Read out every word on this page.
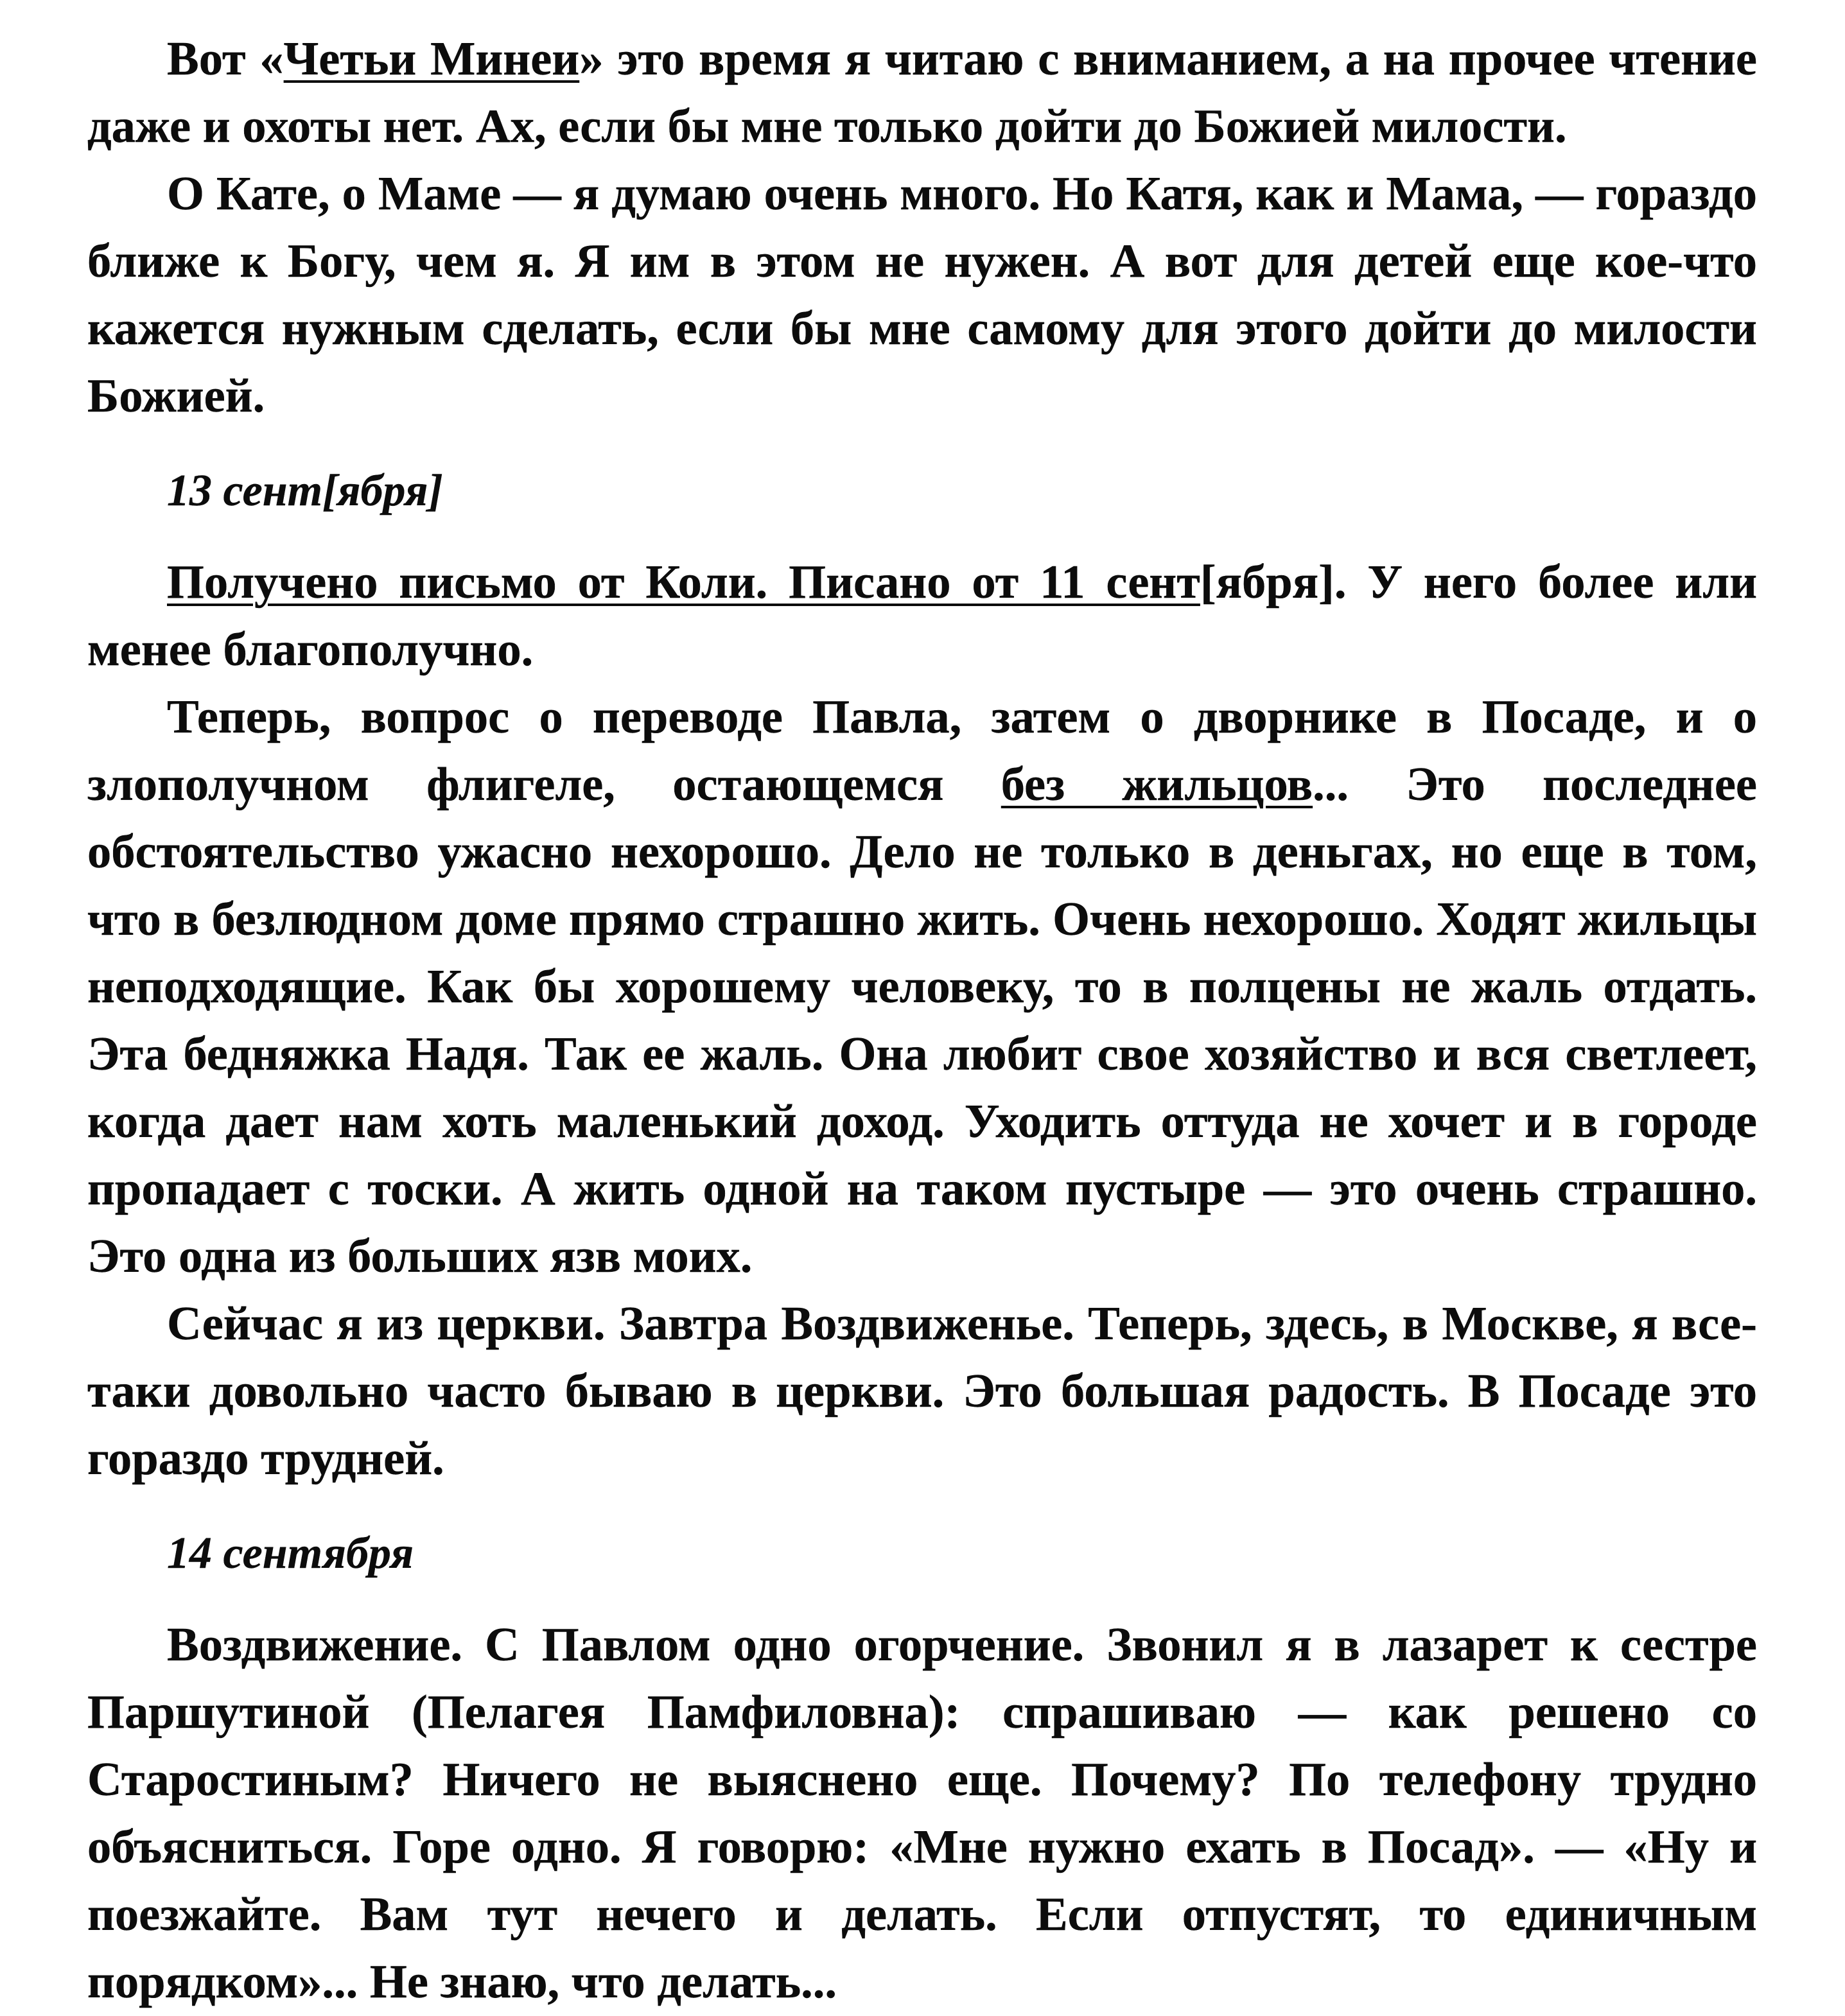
Вот «Четьи Минеи» это время я читаю с вниманием, а на прочее чтение даже и охоты нет. Ах, если бы мне только дойти до Божией милости.

О Кате, о Маме — я думаю очень много. Но Катя, как и Мама, — гораздо ближе к Богу, чем я. Я им в этом не нужен. А вот для детей еще кое-что кажется нужным сделать, если бы мне самому для этого дойти до милости Божией.

13 сент[ября]

Получено письмо от Коли. Писано от 11 сент[ября]. У него более или менее благополучно.

Теперь, вопрос о переводе Павла, затем о дворнике в Посаде, и о злополучном флигеле, остающемся без жильцов... Это последнее обстоятельство ужасно нехорошо. Дело не только в деньгах, но еще в том, что в безлюдном доме прямо страшно жить. Очень нехорошо. Ходят жильцы неподходящие. Как бы хорошему человеку, то в полцены не жаль отдать. Эта бедняжка Надя. Так ее жаль. Она любит свое хозяйство и вся светлеет, когда дает нам хоть маленький доход. Уходить оттуда не хочет и в городе пропадает с тоски. А жить одной на таком пустыре — это очень страшно. Это одна из больших язв моих.

Сейчас я из церкви. Завтра Воздвиженье. Теперь, здесь, в Москве, я все-таки довольно часто бываю в церкви. Это большая радость. В Посаде это гораздо трудней.

14 сентября

Воздвижение. С Павлом одно огорчение. Звонил я в лазарет к сестре Паршутиной (Пелагея Памфиловна): спрашиваю — как решено со Старостиным? Ничего не выяснено еще. Почему? По телефону трудно объясниться. Горе одно. Я говорю: «Мне нужно ехать в Посад». — «Ну и поезжайте. Вам тут нечего и делать. Если отпустят, то единичным порядком»... Не знаю, что делать...
